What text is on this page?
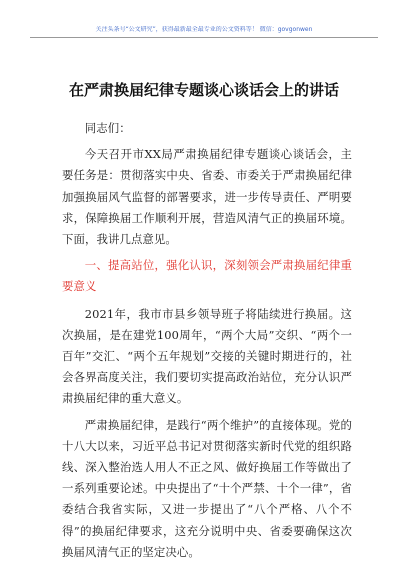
关注头条号“公文研究”，获得最新最全最专业的公文资料等！ 微信：govgonwen
在严肃换届纪律专题谈心谈话会上的讲话

同志们：

今天召开市XX局严肃换届纪律专题谈心谈话会，主要任务是：贯彻落实中央、省委、市委关于严肃换届纪律加强换届风气监督的部署要求，进一步传导责任、严明要求，保障换届工作顺利开展，营造风清气正的换届环境。下面，我讲几点意见。

一、提高站位，强化认识，深刻领会严肃换届纪律重要意义

2021年，我市市县乡领导班子将陆续进行换届。这次换届，是在建党100周年，“两个大局”交织、“两个一百年”交汇、“两个五年规划”交接的关键时期进行的，社会各界高度关注，我们要切实提高政治站位，充分认识严肃换届纪律的重大意义。

严肃换届纪律，是践行“两个维护”的直接体现。党的十八大以来，习近平总书记对贯彻落实新时代党的组织路线、深入整治选人用人不正之风、做好换届工作等做出了一系列重要论述。中央提出了“十个严禁、十个一律”，省委结合我省实际，又进一步提出了“八个严格、八个不得”的换届纪律要求，这充分说明中央、省委要确保这次换届风清气正的坚定决心。
